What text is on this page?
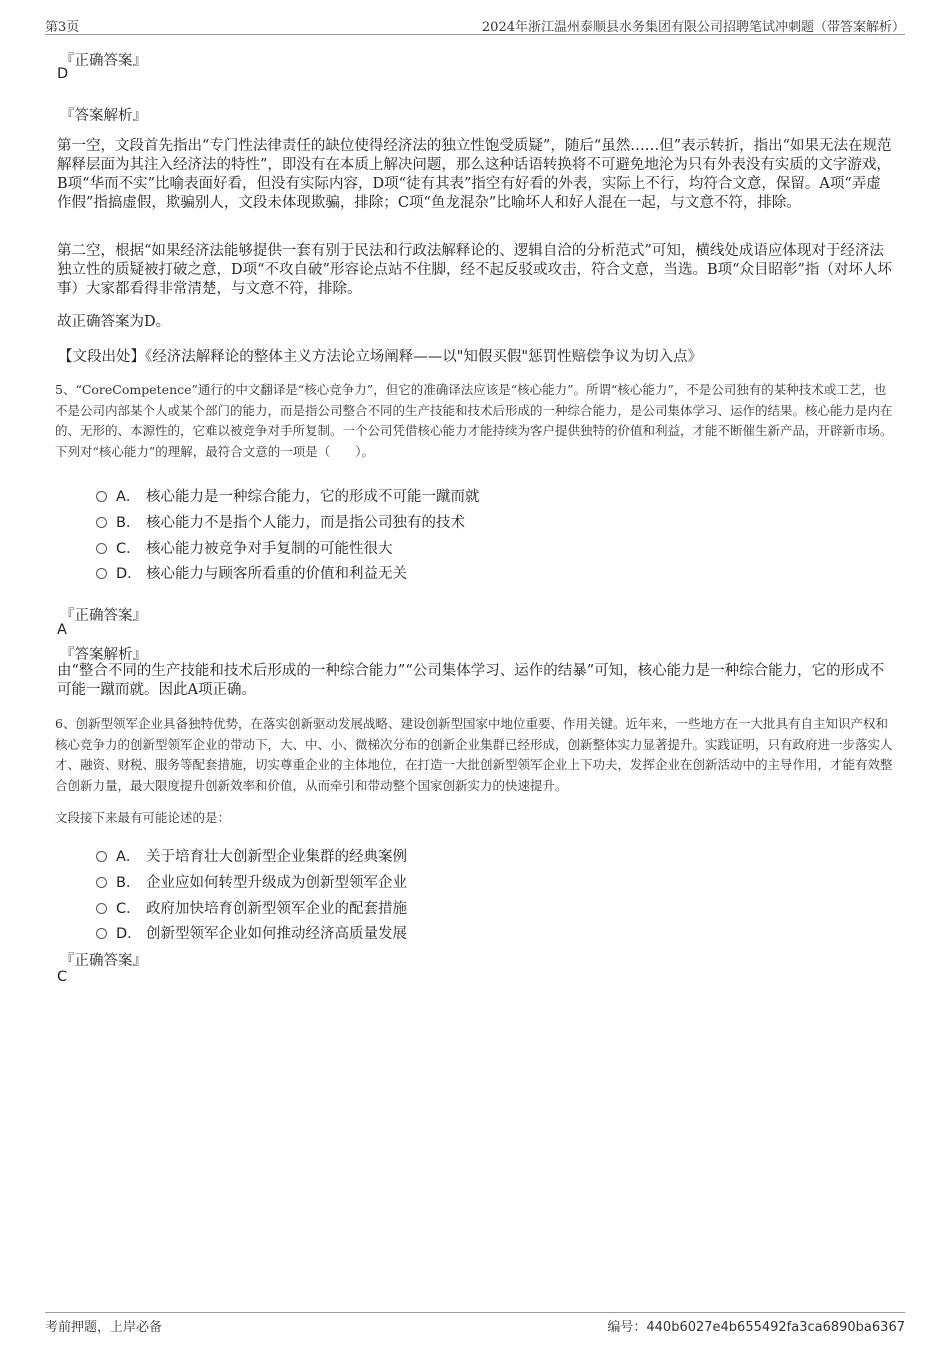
第3页	2024年浙江温州泰顺县水务集团有限公司招聘笔试冲刺题（带答案解析）
『正确答案』
D
『答案解析』

第一空，文段首先指出“专门性法律责任的缺位使得经济法的独立性饱受质疑”，随后“虽然……但”表示转折，指出“如果无法在规范解释层面为其注入经济法的特性”，即没有在本质上解决问题，那么这种话语转换将不可避免地沦为只有外表没有实质的文字游戏，B项“华而不实”比喻表面好看，但没有实际内容，D项“徒有其表”指空有好看的外表，实际上不行，均符合文意，保留。A项“弄虚作假”指搞虚假，欺骗别人，文段未体现欺骗，排除；C项“鱼龙混杂”比喻坏人和好人混在一起，与文意不符，排除。

第二空，根据“如果经济法能够提供一套有别于民法和行政法解释论的、逻辑自洽的分析范式”可知，横线处成语应体现对于经济法独立性的质疑被打破之意，D项“不攻自破”形容论点站不住脚，经不起反驳或攻击，符合文意，当选。B项“众目昭彰”指（对坏人坏事）大家都看得非常清楚，与文意不符，排除。

故正确答案为D。
【文段出处】《经济法解释论的整体主义方法论立场阐释——以"知假买假"惩罚性赔偿争议为切入点》

5、“CoreCompetence”通行的中文翻译是“核心竞争力”，但它的准确译法应该是“核心能力”。所谓“核心能力”，不是公司独有的某种技术或工艺，也不是公司内部某个人或某个部门的能力，而是指公司整合不同的生产技能和技术后形成的一种综合能力，是公司集体学习、运作的结果。核心能力是内在的、无形的、本源性的，它难以被竞争对手所复制。一个公司凭借核心能力才能持续为客户提供独特的价值和利益，才能不断催生新产品，开辟新市场。

下列对“核心能力”的理解，最符合文意的一项是（　　）。

A． 核心能力是一种综合能力，它的形成不可能一蹴而就
B． 核心能力不是指个人能力，而是指公司独有的技术
C． 核心能力被竞争对手复制的可能性很大
D． 核心能力与顾客所看重的价值和利益无关
『正确答案』
A
『答案解析』

由“整合不同的生产技能和技术后形成的一种综合能力”“公司集体学习、运作的结暴”可知，核心能力是一种综合能力，它的形成不可能一蹴而就。因此A项正确。

6、创新型领军企业具备独特优势，在落实创新驱动发展战略、建设创新型国家中地位重要、作用关键。近年来，一些地方在一大批具有自主知识产权和核心竞争力的创新型领军企业的带动下，大、中、小、微梯次分布的创新企业集群已经形成，创新整体实力显著提升。实践证明，只有政府进一步落实人才、融资、财税、服务等配套措施，切实尊重企业的主体地位，在打造一大批创新型领军企业上下功夫，发挥企业在创新活动中的主导作用，才能有效整合创新力量，最大限度提升创新效率和价值，从而牵引和带动整个国家创新实力的快速提升。

文段接下来最有可能论述的是：
A． 关于培育壮大创新型企业集群的经典案例
B． 企业应如何转型升级成为创新型领军企业
C． 政府加快培育创新型领军企业的配套措施
D． 创新型领军企业如何推动经济高质量发展
『正确答案』
C
考前押题，上岸必备	编号：440b6027e4b655492fa3ca6890ba6367
